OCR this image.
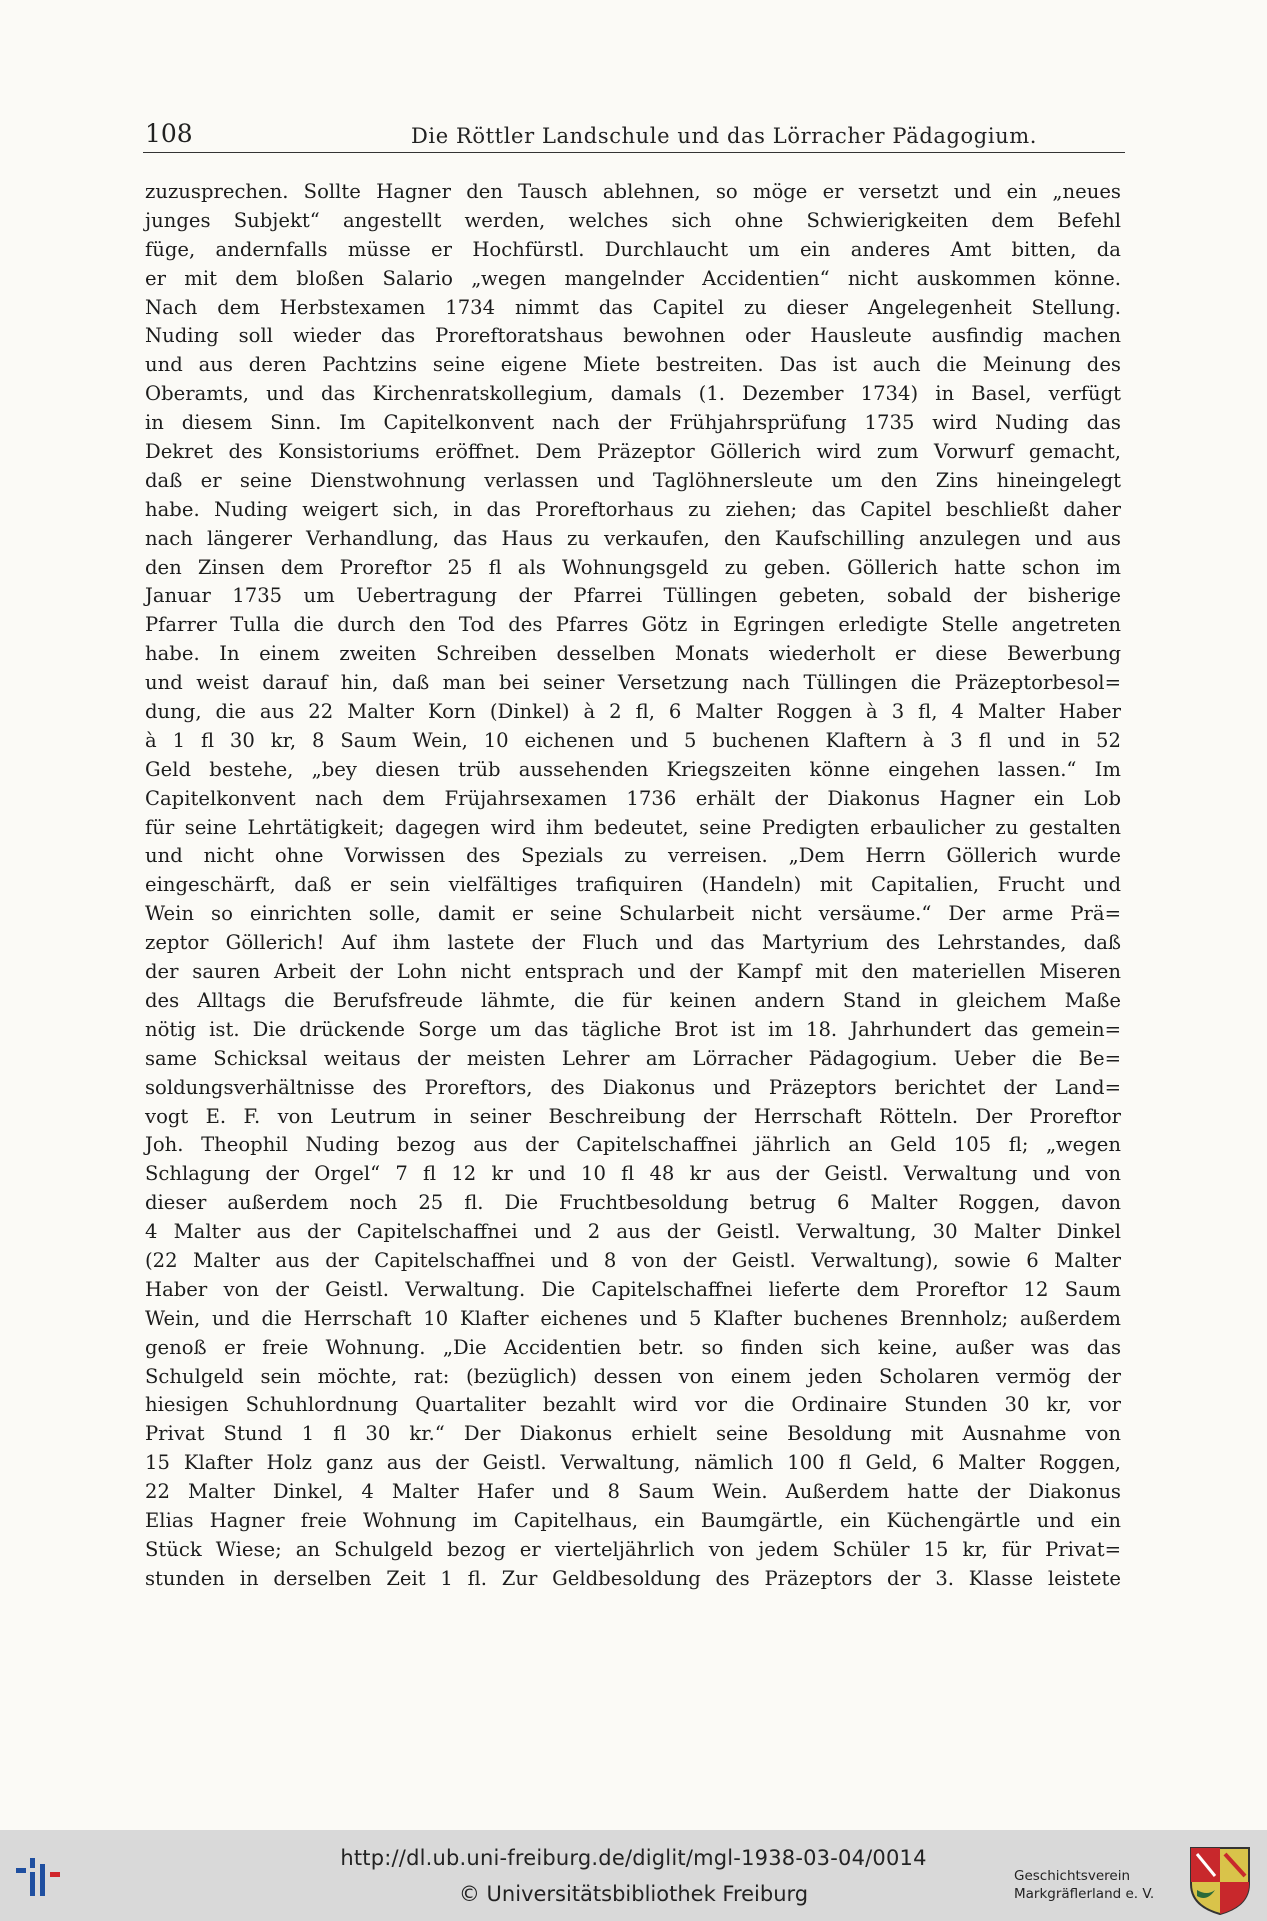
108	Die Röttler Landschule und das Lörracher Pädagogium.
zuzusprechen. Sollte Hagner den Tausch ablehnen, so möge er versetzt und ein „neues
junges Subjekt“ angestellt werden, welches sich ohne Schwierigkeiten dem Befehl
füge, andernfalls müsse er Hochfürstl. Durchlaucht um ein anderes Amt bitten, da
er mit dem bloßen Salario „wegen mangelnder Accidentien“ nicht auskommen könne.
Nach dem Herbstexamen 1734 nimmt das Capitel zu dieser Angelegenheit Stellung.
Nuding soll wieder das Proreftoratshaus bewohnen oder Hausleute ausfindig machen
und aus deren Pachtzins seine eigene Miete bestreiten. Das ist auch die Meinung des
Oberamts, und das Kirchenratskollegium, damals (1. Dezember 1734) in Basel, verfügt
in diesem Sinn. Im Capitelkonvent nach der Frühjahrsprüfung 1735 wird Nuding das
Dekret des Konsistoriums eröffnet. Dem Präzeptor Göllerich wird zum Vorwurf gemacht,
daß er seine Dienstwohnung verlassen und Taglöhnersleute um den Zins hineingelegt
habe. Nuding weigert sich, in das Proreftorhaus zu ziehen; das Capitel beschließt daher
nach längerer Verhandlung, das Haus zu verkaufen, den Kaufschilling anzulegen und aus
den Zinsen dem Proreftor 25 fl als Wohnungsgeld zu geben. Göllerich hatte schon im
Januar 1735 um Uebertragung der Pfarrei Tüllingen gebeten, sobald der bisherige
Pfarrer Tulla die durch den Tod des Pfarres Götz in Egringen erledigte Stelle angetreten
habe. In einem zweiten Schreiben desselben Monats wiederholt er diese Bewerbung
und weist darauf hin, daß man bei seiner Versetzung nach Tüllingen die Präzeptorbesol=
dung, die aus 22 Malter Korn (Dinkel) à 2 fl, 6 Malter Roggen à 3 fl, 4 Malter Haber
à 1 fl 30 kr, 8 Saum Wein, 10 eichenen und 5 buchenen Klaftern à 3 fl und in 52
Geld bestehe, „bey diesen trüb aussehenden Kriegszeiten könne eingehen lassen.“ Im
Capitelkonvent nach dem Früjahrsexamen 1736 erhält der Diakonus Hagner ein Lob
für seine Lehrtätigkeit; dagegen wird ihm bedeutet, seine Predigten erbaulicher zu gestalten
und nicht ohne Vorwissen des Spezials zu verreisen. „Dem Herrn Göllerich wurde
eingeschärft, daß er sein vielfältiges trafiquiren (Handeln) mit Capitalien, Frucht und
Wein so einrichten solle, damit er seine Schularbeit nicht versäume.“ Der arme Prä=
zeptor Göllerich! Auf ihm lastete der Fluch und das Martyrium des Lehrstandes, daß
der sauren Arbeit der Lohn nicht entsprach und der Kampf mit den materiellen Miseren
des Alltags die Berufsfreude lähmte, die für keinen andern Stand in gleichem Maße
nötig ist. Die drückende Sorge um das tägliche Brot ist im 18. Jahrhundert das gemein=
same Schicksal weitaus der meisten Lehrer am Lörracher Pädagogium. Ueber die Be=
soldungsverhältnisse des Proreftors, des Diakonus und Präzeptors berichtet der Land=
vogt E. F. von Leutrum in seiner Beschreibung der Herrschaft Rötteln. Der Proreftor
Joh. Theophil Nuding bezog aus der Capitelschaffnei jährlich an Geld 105 fl; „wegen
Schlagung der Orgel“ 7 fl 12 kr und 10 fl 48 kr aus der Geistl. Verwaltung und von
dieser außerdem noch 25 fl. Die Fruchtbesoldung betrug 6 Malter Roggen, davon
4 Malter aus der Capitelschaffnei und 2 aus der Geistl. Verwaltung, 30 Malter Dinkel
(22 Malter aus der Capitelschaffnei und 8 von der Geistl. Verwaltung), sowie 6 Malter
Haber von der Geistl. Verwaltung. Die Capitelschaffnei lieferte dem Proreftor 12 Saum
Wein, und die Herrschaft 10 Klafter eichenes und 5 Klafter buchenes Brennholz; außerdem
genoß er freie Wohnung. „Die Accidentien betr. so finden sich keine, außer was das
Schulgeld sein möchte, rat: (bezüglich) dessen von einem jeden Scholaren vermög der
hiesigen Schuhlordnung Quartaliter bezahlt wird vor die Ordinaire Stunden 30 kr, vor
Privat Stund 1 fl 30 kr.“ Der Diakonus erhielt seine Besoldung mit Ausnahme von
15 Klafter Holz ganz aus der Geistl. Verwaltung, nämlich 100 fl Geld, 6 Malter Roggen,
22 Malter Dinkel, 4 Malter Hafer und 8 Saum Wein. Außerdem hatte der Diakonus
Elias Hagner freie Wohnung im Capitelhaus, ein Baumgärtle, ein Küchengärtle und ein
Stück Wiese; an Schulgeld bezog er vierteljährlich von jedem Schüler 15 kr, für Privat=
stunden in derselben Zeit 1 fl. Zur Geldbesoldung des Präzeptors der 3. Klasse leistete
http://dl.ub.uni-freiburg.de/diglit/mgl-1938-03-04/0014
© Universitätsbibliothek Freiburg
Geschichtsverein
Markgräflerland e. V.
